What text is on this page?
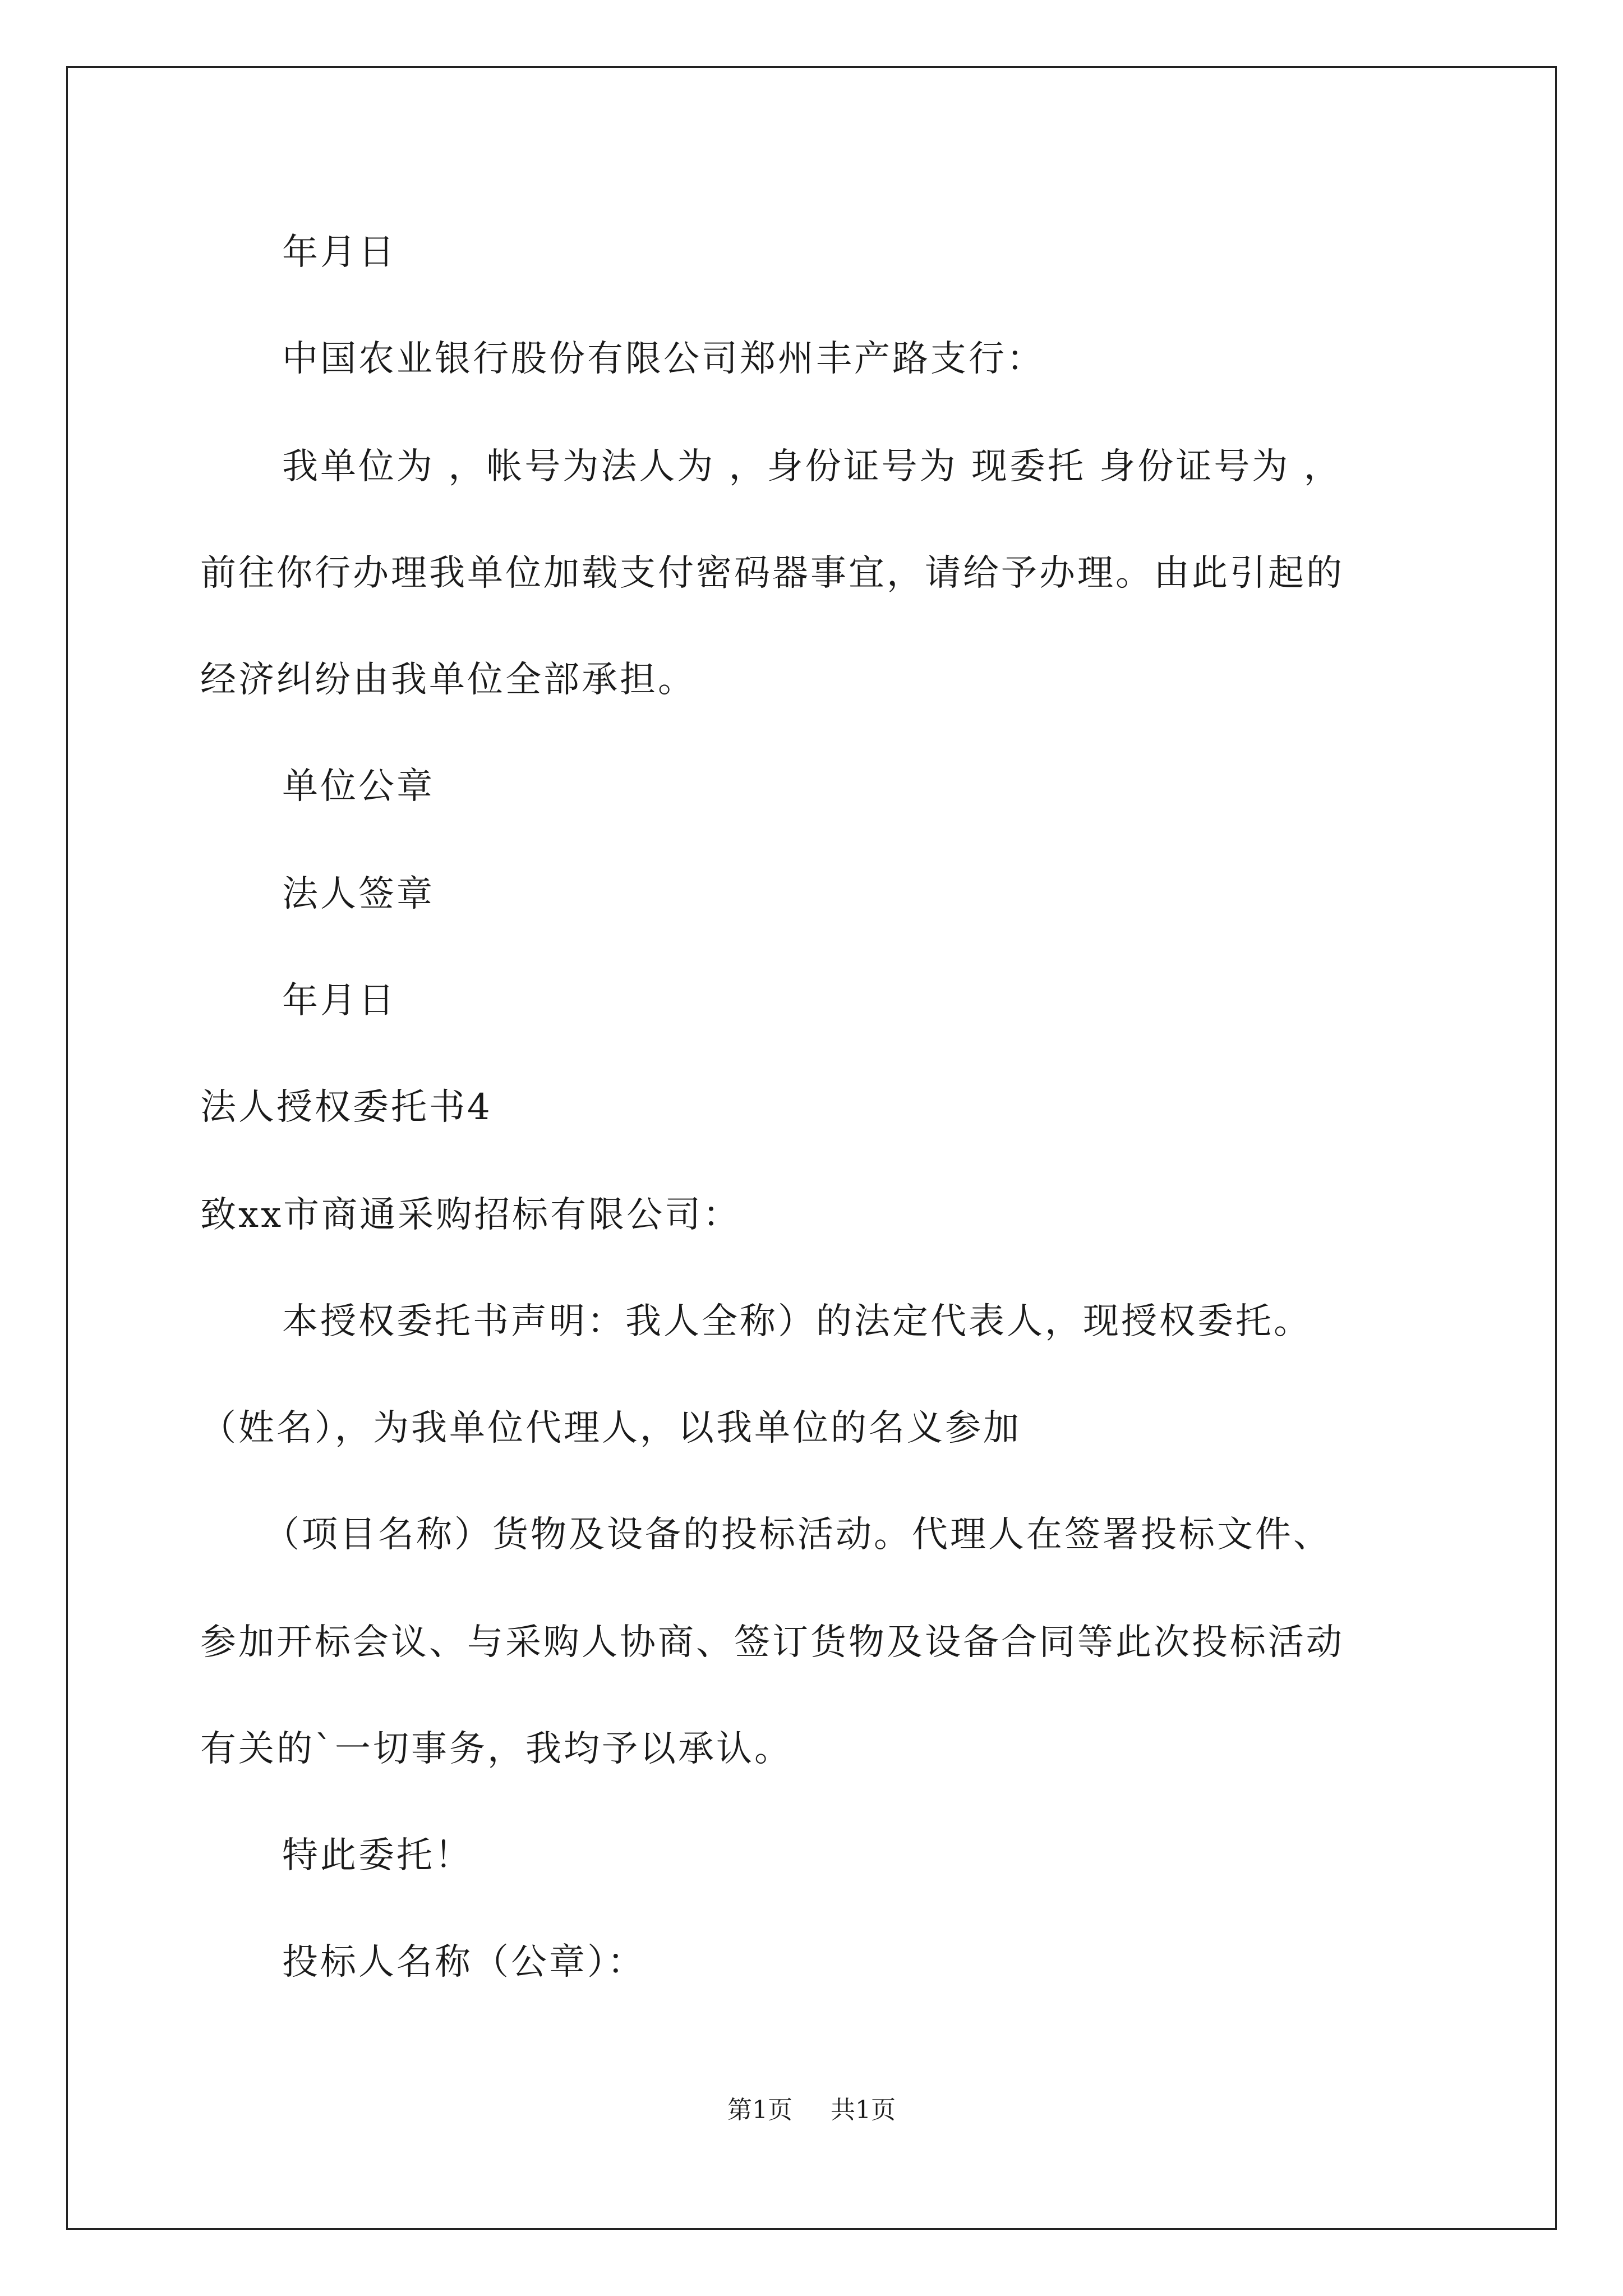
年月日
中国农业银行股份有限公司郑州丰产路支行：
我单位为 ，帐号为法人为 ，身份证号为 现委托 身份证号为 ，
前往你行办理我单位加载支付密码器事宜，请给予办理。由此引起的
经济纠纷由我单位全部承担。
单位公章
法人签章
年月日
法人授权委托书4
致xx市商通采购招标有限公司：
本授权委托书声明：我人全称）的法定代表人，现授权委托。
（姓名），为我单位代理人，以我单位的名义参加
（项目名称）货物及设备的投标活动。代理人在签署投标文件、
参加开标会议、与采购人协商、签订货物及设备合同等此次投标活动
有关的`一切事务，我均予以承认。
特此委托！
投标人名称（公章）：
第1页 共1页
